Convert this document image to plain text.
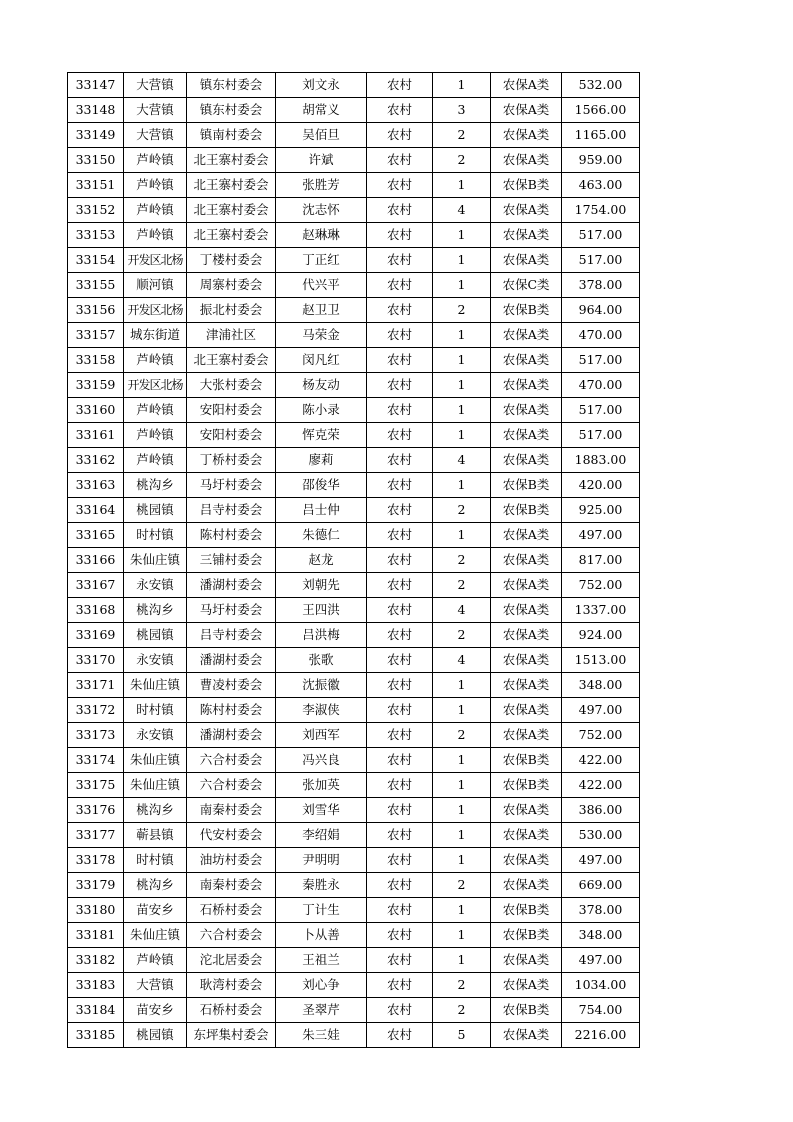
33147	大营镇	镇东村委会	刘文永	农村	1	农保A类	532.00
33148	大营镇	镇东村委会	胡常义	农村	3	农保A类	1566.00
33149	大营镇	镇南村委会	吴佰旦	农村	2	农保A类	1165.00
33150	芦岭镇	北王寨村委会	许斌	农村	2	农保A类	959.00
33151	芦岭镇	北王寨村委会	张胜芳	农村	1	农保B类	463.00
33152	芦岭镇	北王寨村委会	沈志怀	农村	4	农保A类	1754.00
33153	芦岭镇	北王寨村委会	赵琳琳	农村	1	农保A类	517.00
33154	开发区北杨	丁楼村委会	丁正红	农村	1	农保A类	517.00
33155	顺河镇	周寨村委会	代兴平	农村	1	农保C类	378.00
33156	开发区北杨	振北村委会	赵卫卫	农村	2	农保B类	964.00
33157	城东街道	津浦社区	马荣金	农村	1	农保A类	470.00
33158	芦岭镇	北王寨村委会	闵凡红	农村	1	农保A类	517.00
33159	开发区北杨	大张村委会	杨友动	农村	1	农保A类	470.00
33160	芦岭镇	安阳村委会	陈小录	农村	1	农保A类	517.00
33161	芦岭镇	安阳村委会	恽克荣	农村	1	农保A类	517.00
33162	芦岭镇	丁桥村委会	廖莉	农村	4	农保A类	1883.00
33163	桃沟乡	马圩村委会	邵俊华	农村	1	农保B类	420.00
33164	桃园镇	吕寺村委会	吕士仲	农村	2	农保B类	925.00
33165	时村镇	陈村村委会	朱德仁	农村	1	农保A类	497.00
33166	朱仙庄镇	三铺村委会	赵龙	农村	2	农保A类	817.00
33167	永安镇	潘湖村委会	刘朝先	农村	2	农保A类	752.00
33168	桃沟乡	马圩村委会	王四洪	农村	4	农保A类	1337.00
33169	桃园镇	吕寺村委会	吕洪梅	农村	2	农保A类	924.00
33170	永安镇	潘湖村委会	张歌	农村	4	农保A类	1513.00
33171	朱仙庄镇	曹凌村委会	沈振徽	农村	1	农保A类	348.00
33172	时村镇	陈村村委会	李淑侠	农村	1	农保A类	497.00
33173	永安镇	潘湖村委会	刘西军	农村	2	农保A类	752.00
33174	朱仙庄镇	六合村委会	冯兴良	农村	1	农保B类	422.00
33175	朱仙庄镇	六合村委会	张加英	农村	1	农保B类	422.00
33176	桃沟乡	南秦村委会	刘雪华	农村	1	农保A类	386.00
33177	蕲县镇	代安村委会	李绍娟	农村	1	农保A类	530.00
33178	时村镇	油坊村委会	尹明明	农村	1	农保A类	497.00
33179	桃沟乡	南秦村委会	秦胜永	农村	2	农保A类	669.00
33180	苗安乡	石桥村委会	丁计生	农村	1	农保B类	378.00
33181	朱仙庄镇	六合村委会	卜从善	农村	1	农保B类	348.00
33182	芦岭镇	沱北居委会	王祖兰	农村	1	农保A类	497.00
33183	大营镇	耿湾村委会	刘心争	农村	2	农保A类	1034.00
33184	苗安乡	石桥村委会	圣翠芹	农村	2	农保B类	754.00
33185	桃园镇	东坪集村委会	朱三娃	农村	5	农保A类	2216.00
